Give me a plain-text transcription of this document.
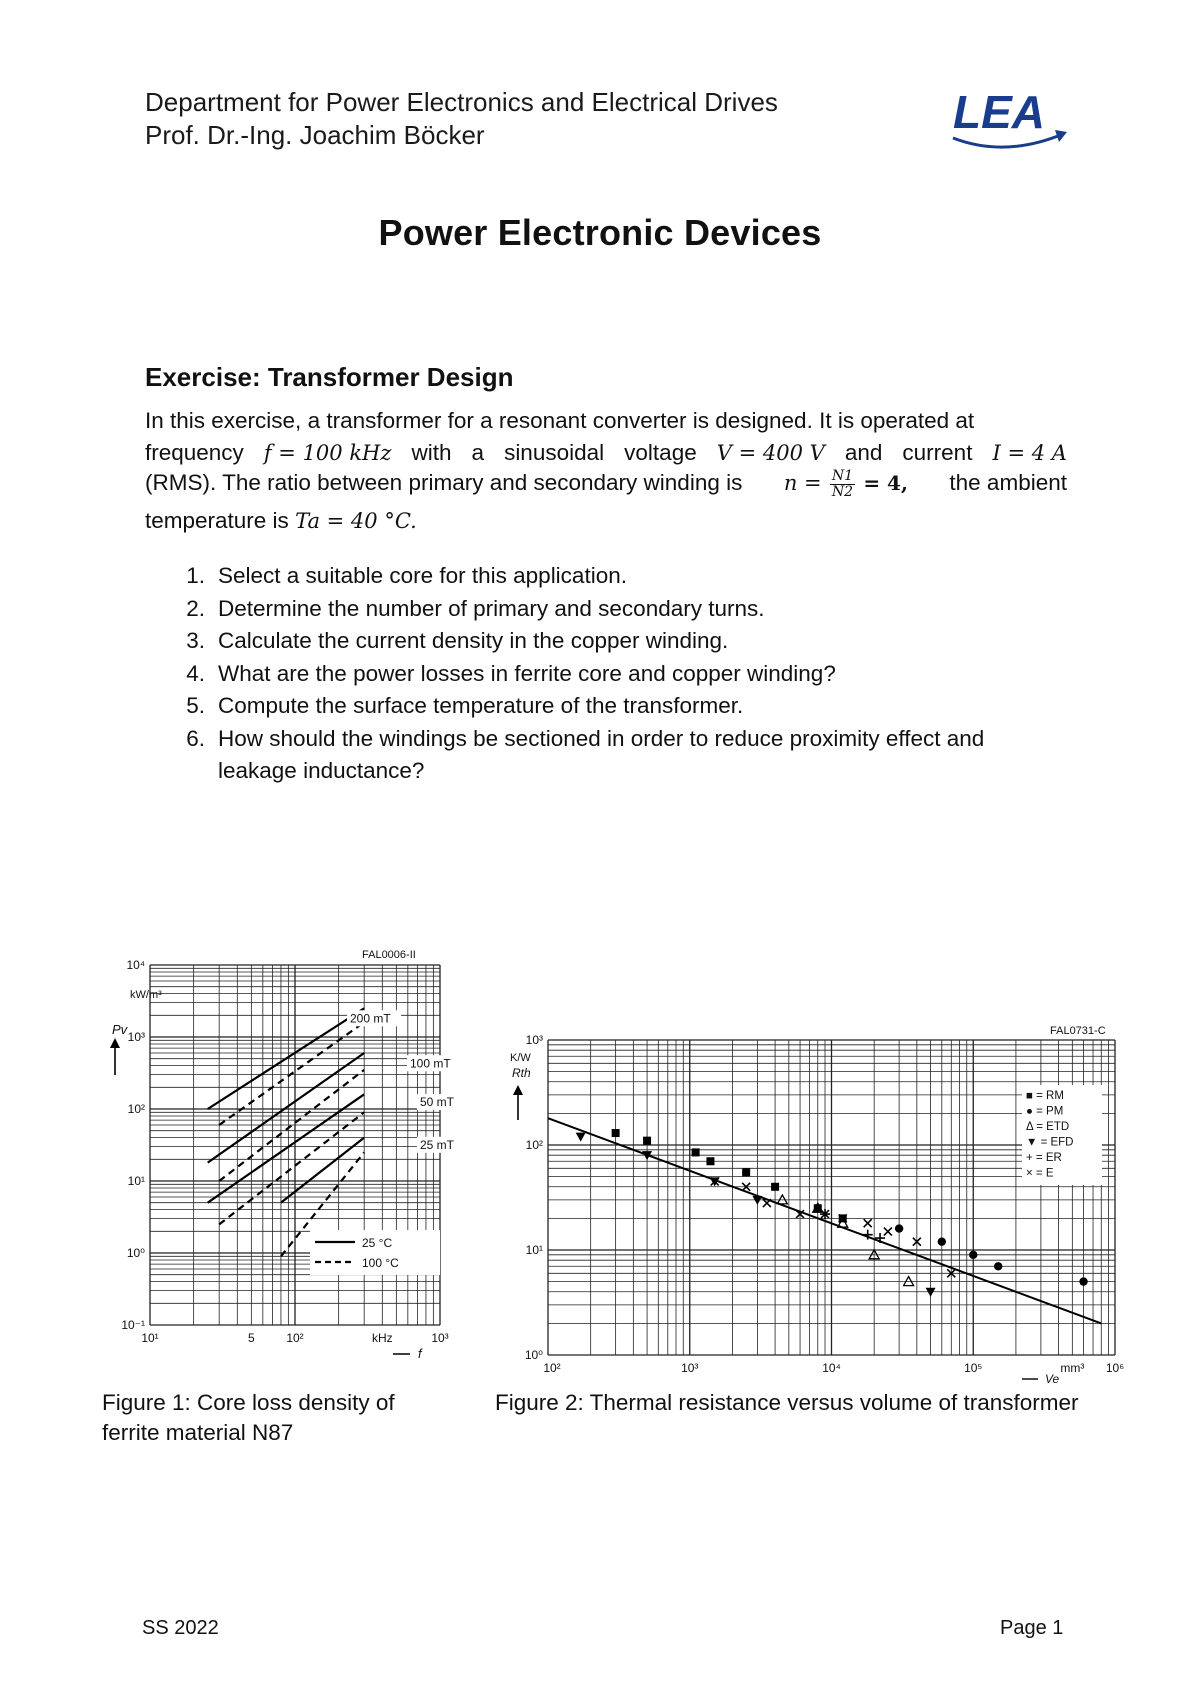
Department for Power Electronics and Electrical Drives
Prof. Dr.-Ing. Joachim Böcker	LEA
Power Electronic Devices
Exercise: Transformer Design
In this exercise, a transformer for a resonant converter is designed. It is operated at
frequency f = 100 kHz with a sinusoidal voltage V = 400 V and current I = 4 A
(RMS). The ratio between primary and secondary winding is $n = \frac{N1}{N2} = 4$, the ambient
temperature is Ta = 40 °C.
1. Select a suitable core for this application.
2. Determine the number of primary and secondary turns.
3. Calculate the current density in the copper winding.
4. What are the power losses in ferrite core and copper winding?
5. Compute the surface temperature of the transformer.
6. How should the windings be sectioned in order to reduce proximity effect and
leakage inductance?
FAL0006-II
10⁻¹
10⁰
10¹
10²
10³
10⁴
10¹	5	10²	kHz	10³
Pv
kW/m³
f
200 mT
100 mT
50 mT
25 mT
25 °C
100 °C
Figure 1: Core loss density of
ferrite material N87
FAL0731-C
10⁰
10¹
10²
10³
10²	10³	10⁴	10⁵	mm³ 10⁶
K/W
Rth
Ve
■ = RM
● = PM
Δ = ETD
▼ = EFD
+ = ER
× = E
Figure 2: Thermal resistance versus volume of transformer
SS 2022	Page 1
